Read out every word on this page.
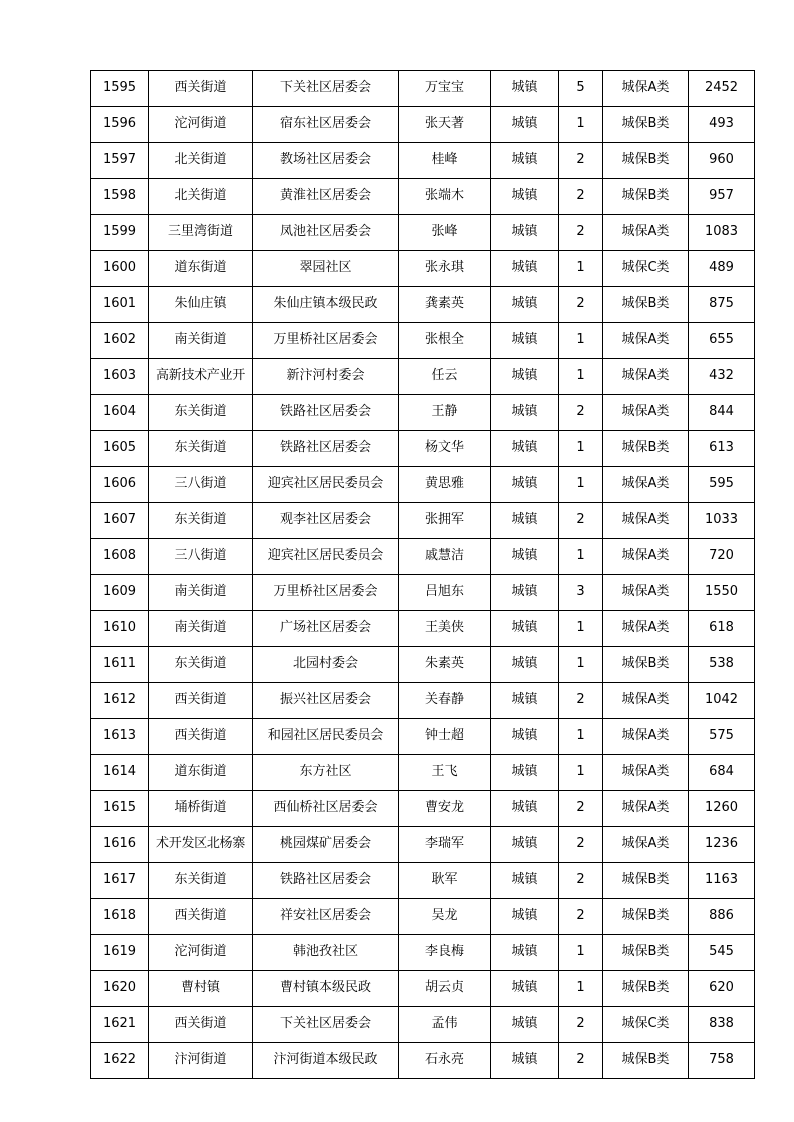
1595	西关街道	下关社区居委会	万宝宝	城镇	5	城保A类	2452
1596	沱河街道	宿东社区居委会	张天著	城镇	1	城保B类	493
1597	北关街道	教场社区居委会	桂峰	城镇	2	城保B类	960
1598	北关街道	黄淮社区居委会	张端木	城镇	2	城保B类	957
1599	三里湾街道	凤池社区居委会	张峰	城镇	2	城保A类	1083
1600	道东街道	翠园社区	张永琪	城镇	1	城保C类	489
1601	朱仙庄镇	朱仙庄镇本级民政	龚素英	城镇	2	城保B类	875
1602	南关街道	万里桥社区居委会	张根全	城镇	1	城保A类	655
1603	高新技术产业开	新汴河村委会	任云	城镇	1	城保A类	432
1604	东关街道	铁路社区居委会	王静	城镇	2	城保A类	844
1605	东关街道	铁路社区居委会	杨文华	城镇	1	城保B类	613
1606	三八街道	迎宾社区居民委员会	黄思雅	城镇	1	城保A类	595
1607	东关街道	观李社区居委会	张拥军	城镇	2	城保A类	1033
1608	三八街道	迎宾社区居民委员会	戚慧洁	城镇	1	城保A类	720
1609	南关街道	万里桥社区居委会	吕旭东	城镇	3	城保A类	1550
1610	南关街道	广场社区居委会	王美侠	城镇	1	城保A类	618
1611	东关街道	北园村委会	朱素英	城镇	1	城保B类	538
1612	西关街道	振兴社区居委会	关春静	城镇	2	城保A类	1042
1613	西关街道	和园社区居民委员会	钟士超	城镇	1	城保A类	575
1614	道东街道	东方社区	王飞	城镇	1	城保A类	684
1615	埇桥街道	西仙桥社区居委会	曹安龙	城镇	2	城保A类	1260
1616	术开发区北杨寨	桃园煤矿居委会	李瑞军	城镇	2	城保A类	1236
1617	东关街道	铁路社区居委会	耿军	城镇	2	城保B类	1163
1618	西关街道	祥安社区居委会	吴龙	城镇	2	城保B类	886
1619	沱河街道	韩池孜社区	李良梅	城镇	1	城保B类	545
1620	曹村镇	曹村镇本级民政	胡云贞	城镇	1	城保B类	620
1621	西关街道	下关社区居委会	孟伟	城镇	2	城保C类	838
1622	汴河街道	汴河街道本级民政	石永亮	城镇	2	城保B类	758
